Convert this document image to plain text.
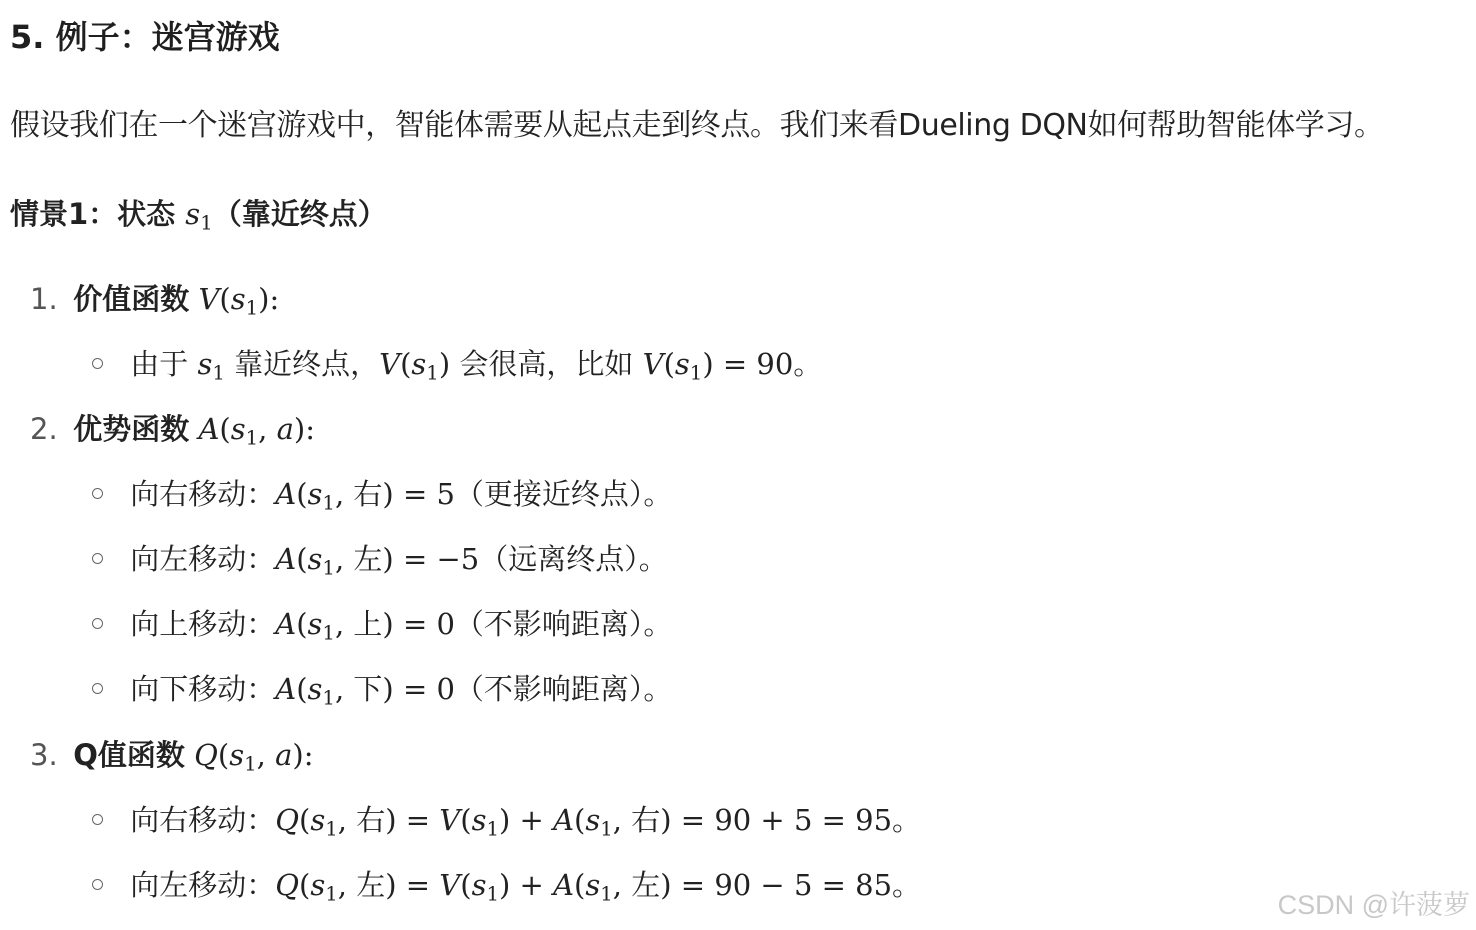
5. 例子：迷宫游戏
假设我们在一个迷宫游戏中，智能体需要从起点走到终点。我们来看Dueling DQN如何帮助智能体学习。
情景1：状态 $s_1$（靠近终点）
1. 价值函数 $V(s_1)$:
由于 $s_1$ 靠近终点，$V(s_1)$ 会很高，比如 $V(s_1) = 90$。
2. 优势函数 $A(s_1$, a):
向右移动：$A(s_1$, 右) = 5（更接近终点）。
向左移动：$A(s_1$, 左) = −5（远离终点）。
向上移动：$A(s_1$, 上) = 0（不影响距离）。
向下移动：$A(s_1$, 下) = 0（不影响距离）。
3. Q值函数 $Q(s_1$, a):
向右移动：$Q(s_1$, 右) = $V(s_1) + A(s_1$, 右) = 90 + 5 = 95。
向左移动：$Q(s_1$, 左) = $V(s_1) + A(s_1$, 左) = 90 − 5 = 85。
CSDN @许菠萝
